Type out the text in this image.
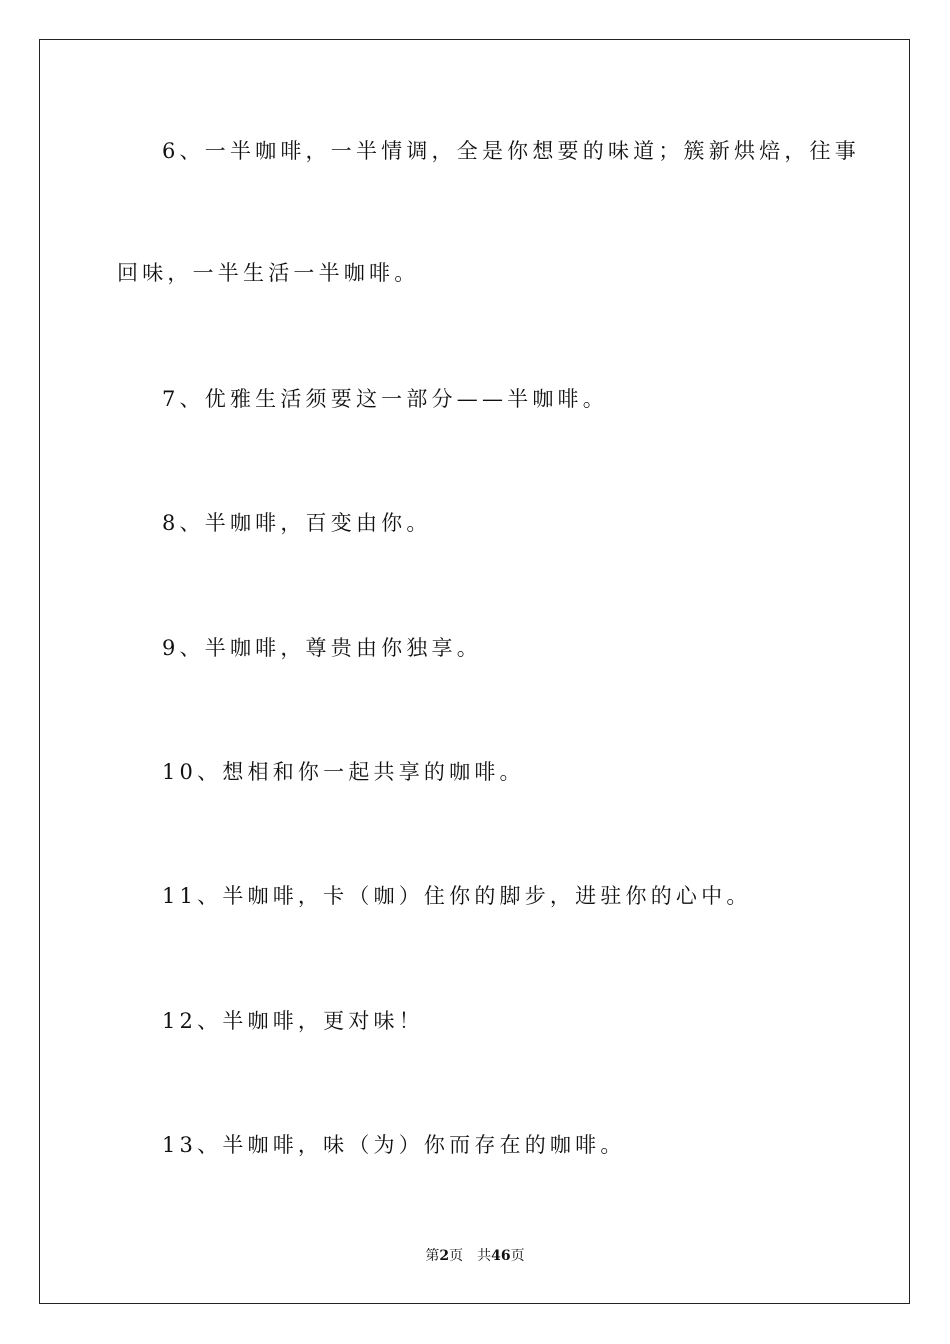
6、一半咖啡，一半情调，全是你想要的味道；簇新烘焙，往事
回味，一半生活一半咖啡。
7、优雅生活须要这一部分——半咖啡。
8、半咖啡，百变由你。
9、半咖啡，尊贵由你独享。
10、想相和你一起共享的咖啡。
11、半咖啡，卡（咖）住你的脚步，进驻你的心中。
12、半咖啡，更对味！
13、半咖啡，味（为）你而存在的咖啡。
第2页 共46页
